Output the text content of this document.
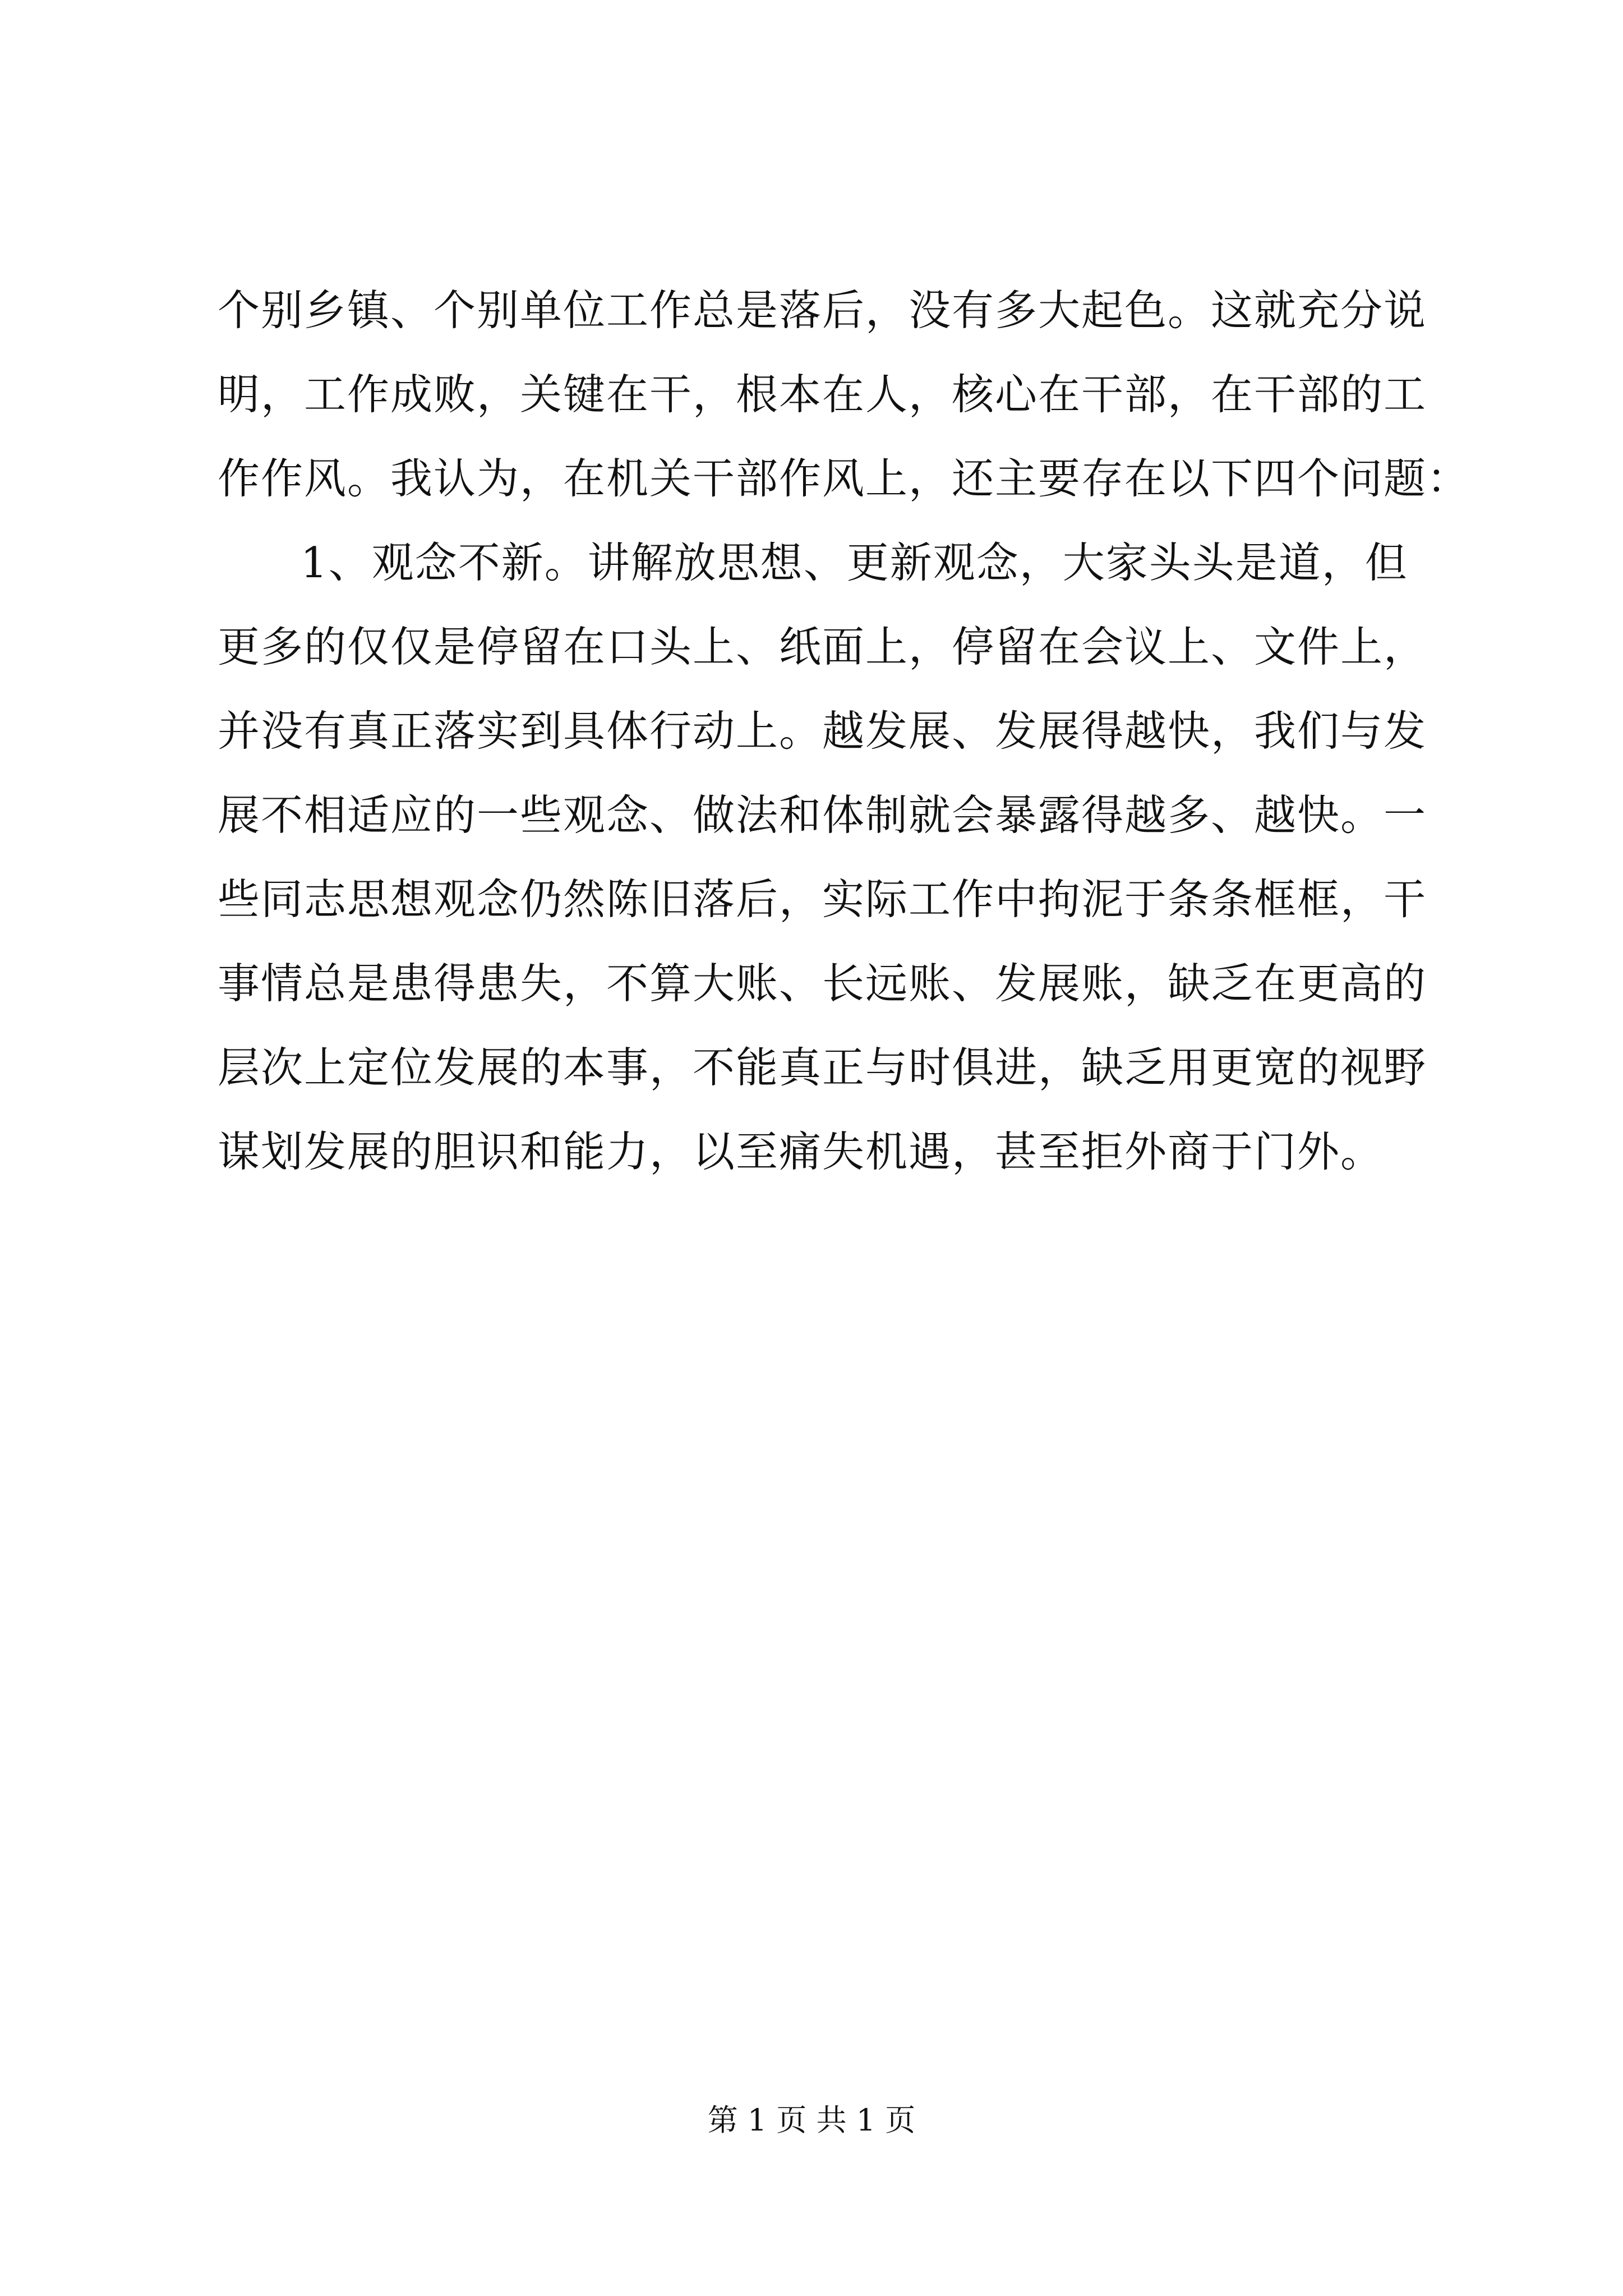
个别乡镇、个别单位工作总是落后，没有多大起色。这就充分说
明，工作成败，关键在干，根本在人，核心在干部，在干部的工
作作风。我认为，在机关干部作风上，还主要存在以下四个问题：
1、观念不新。讲解放思想、更新观念，大家头头是道，但
更多的仅仅是停留在口头上、纸面上，停留在会议上、文件上，
并没有真正落实到具体行动上。越发展、发展得越快，我们与发
展不相适应的一些观念、做法和体制就会暴露得越多、越快。一
些同志思想观念仍然陈旧落后，实际工作中拘泥于条条框框，干
事情总是患得患失，不算大账、长远账、发展账，缺乏在更高的
层次上定位发展的本事，不能真正与时俱进，缺乏用更宽的视野
谋划发展的胆识和能力，以至痛失机遇，甚至拒外商于门外。
第 1 页 共 1 页
